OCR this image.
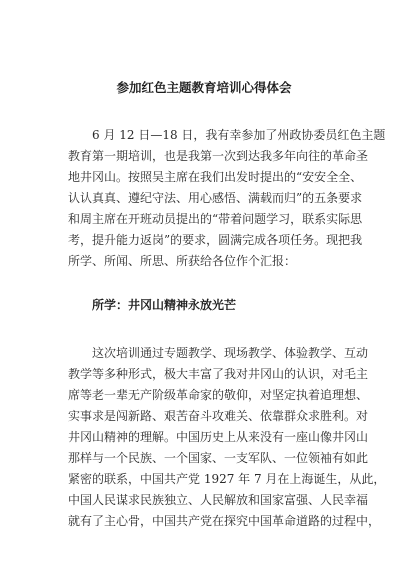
参加红色主题教育培训心得体会
6 月 12 日—18 日，我有幸参加了州政协委员红色主题
教育第一期培训，也是我第一次到达我多年向往的革命圣
地井冈山。按照吴主席在我们出发时提出的“安安全全、
认认真真、遵纪守法、用心感悟、满载而归”的五条要求
和周主席在开班动员提出的“带着问题学习，联系实际思
考，提升能力返岗”的要求，圆满完成各项任务。现把我
所学、所闻、所思、所获给各位作个汇报：
所学：井冈山精神永放光芒
这次培训通过专题教学、现场教学、体验教学、互动
教学等多种形式，极大丰富了我对井冈山的认识，对毛主
席等老一辈无产阶级革命家的敬仰，对坚定执着追理想、
实事求是闯新路、艰苦奋斗攻难关、依靠群众求胜利。对
井冈山精神的理解。中国历史上从来没有一座山像井冈山
那样与一个民族、一个国家、一支军队、一位领袖有如此
紧密的联系，中国共产党 1927 年 7 月在上海诞生，从此，
中国人民谋求民族独立、人民解放和国家富强、人民幸福
就有了主心骨，中国共产党在探究中国革命道路的过程中，
